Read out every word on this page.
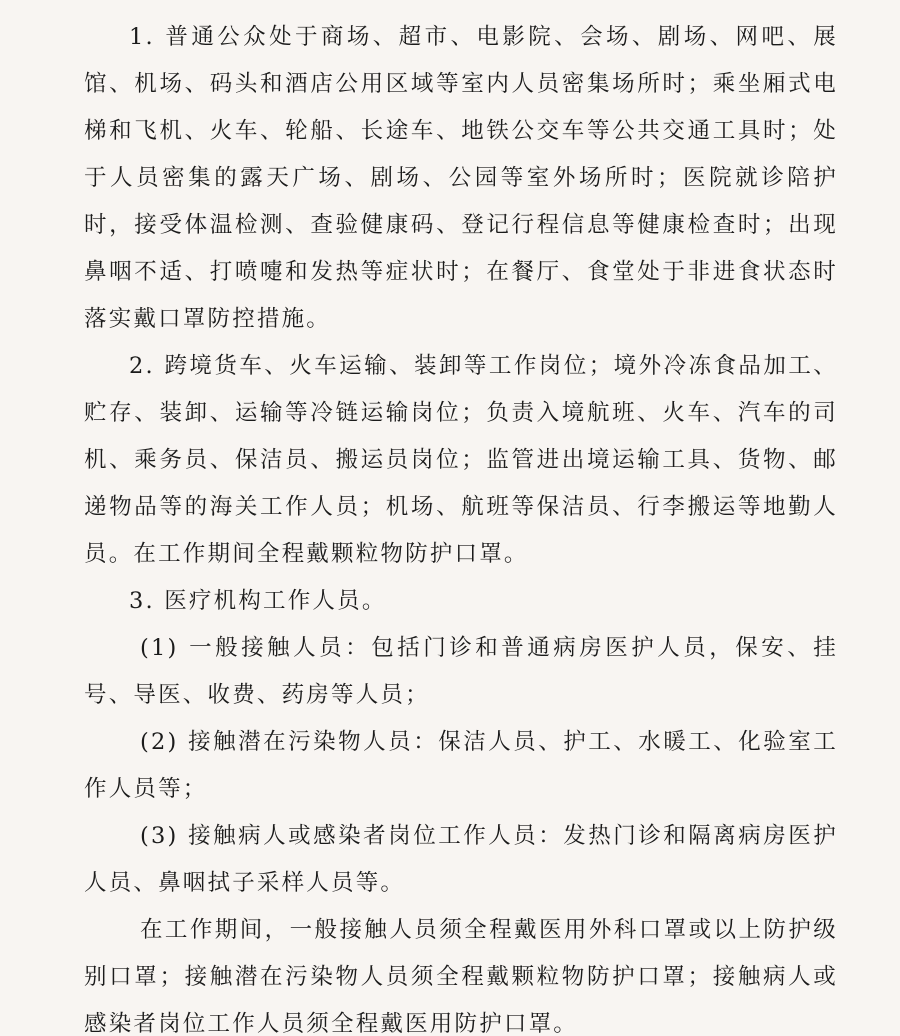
1. 普通公众处于商场、超市、电影院、会场、剧场、网吧、展馆、机场、码头和酒店公用区域等室内人员密集场所时；乘坐厢式电梯和飞机、火车、轮船、长途车、地铁公交车等公共交通工具时；处于人员密集的露天广场、剧场、公园等室外场所时；医院就诊陪护时，接受体温检测、查验健康码、登记行程信息等健康检查时；出现鼻咽不适、打喷嚏和发热等症状时；在餐厅、食堂处于非进食状态时落实戴口罩防控措施。

2. 跨境货车、火车运输、装卸等工作岗位；境外冷冻食品加工、贮存、装卸、运输等冷链运输岗位；负责入境航班、火车、汽车的司机、乘务员、保洁员、搬运员岗位；监管进出境运输工具、货物、邮递物品等的海关工作人员；机场、航班等保洁员、行李搬运等地勤人员。在工作期间全程戴颗粒物防护口罩。

3. 医疗机构工作人员。

(1) 一般接触人员：包括门诊和普通病房医护人员，保安、挂号、导医、收费、药房等人员；

(2) 接触潜在污染物人员：保洁人员、护工、水暖工、化验室工作人员等；

(3) 接触病人或感染者岗位工作人员：发热门诊和隔离病房医护人员、鼻咽拭子采样人员等。

在工作期间，一般接触人员须全程戴医用外科口罩或以上防护级别口罩；接触潜在污染物人员须全程戴颗粒物防护口罩；接触病人或感染者岗位工作人员须全程戴医用防护口罩。
